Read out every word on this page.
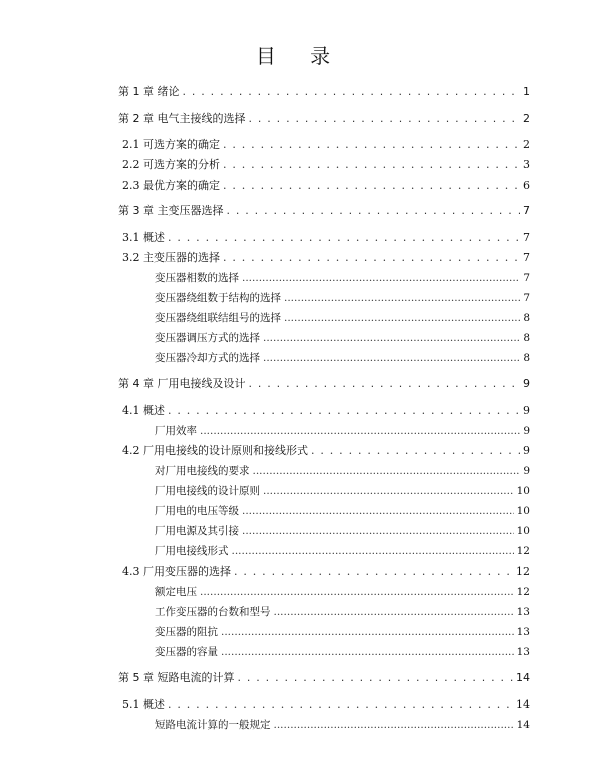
目 录
第 1 章 绪论 . . .	1
第 2 章 电气主接线的选择 . . .	2
2.1 可选方案的确定 . . .	2
2.2 可选方案的分析 . . .	3
2.3 最优方案的确定 . . .	6
第 3 章 主变压器选择 . . .	7
3.1 概述 . . .	7
3.2 主变压器的选择 . . .	7
变压器相数的选择 .....	7
变压器绕组数于结构的选择 .....	7
变压器绕组联结组号的选择 .....	8
变压器调压方式的选择 .....	8
变压器冷却方式的选择 .....	8
第 4 章 厂用电接线及设计 . . .	9
4.1 概述 . . .	9
厂用效率 .....	9
4.2 厂用电接线的设计原则和接线形式 . . .	9
对厂用电接线的要求 .....	9
厂用电接线的设计原则 .....	10
厂用电的电压等级 .....	10
厂用电源及其引接 .....	10
厂用电接线形式 .....	12
4.3 厂用变压器的选择 . . .	12
额定电压 .....	12
工作变压器的台数和型号 .....	13
变压器的阻抗 .....	13
变压器的容量 .....	13
第 5 章 短路电流的计算 . . .	14
5.1 概述 . . .	14
短路电流计算的一般规定 .....	14
